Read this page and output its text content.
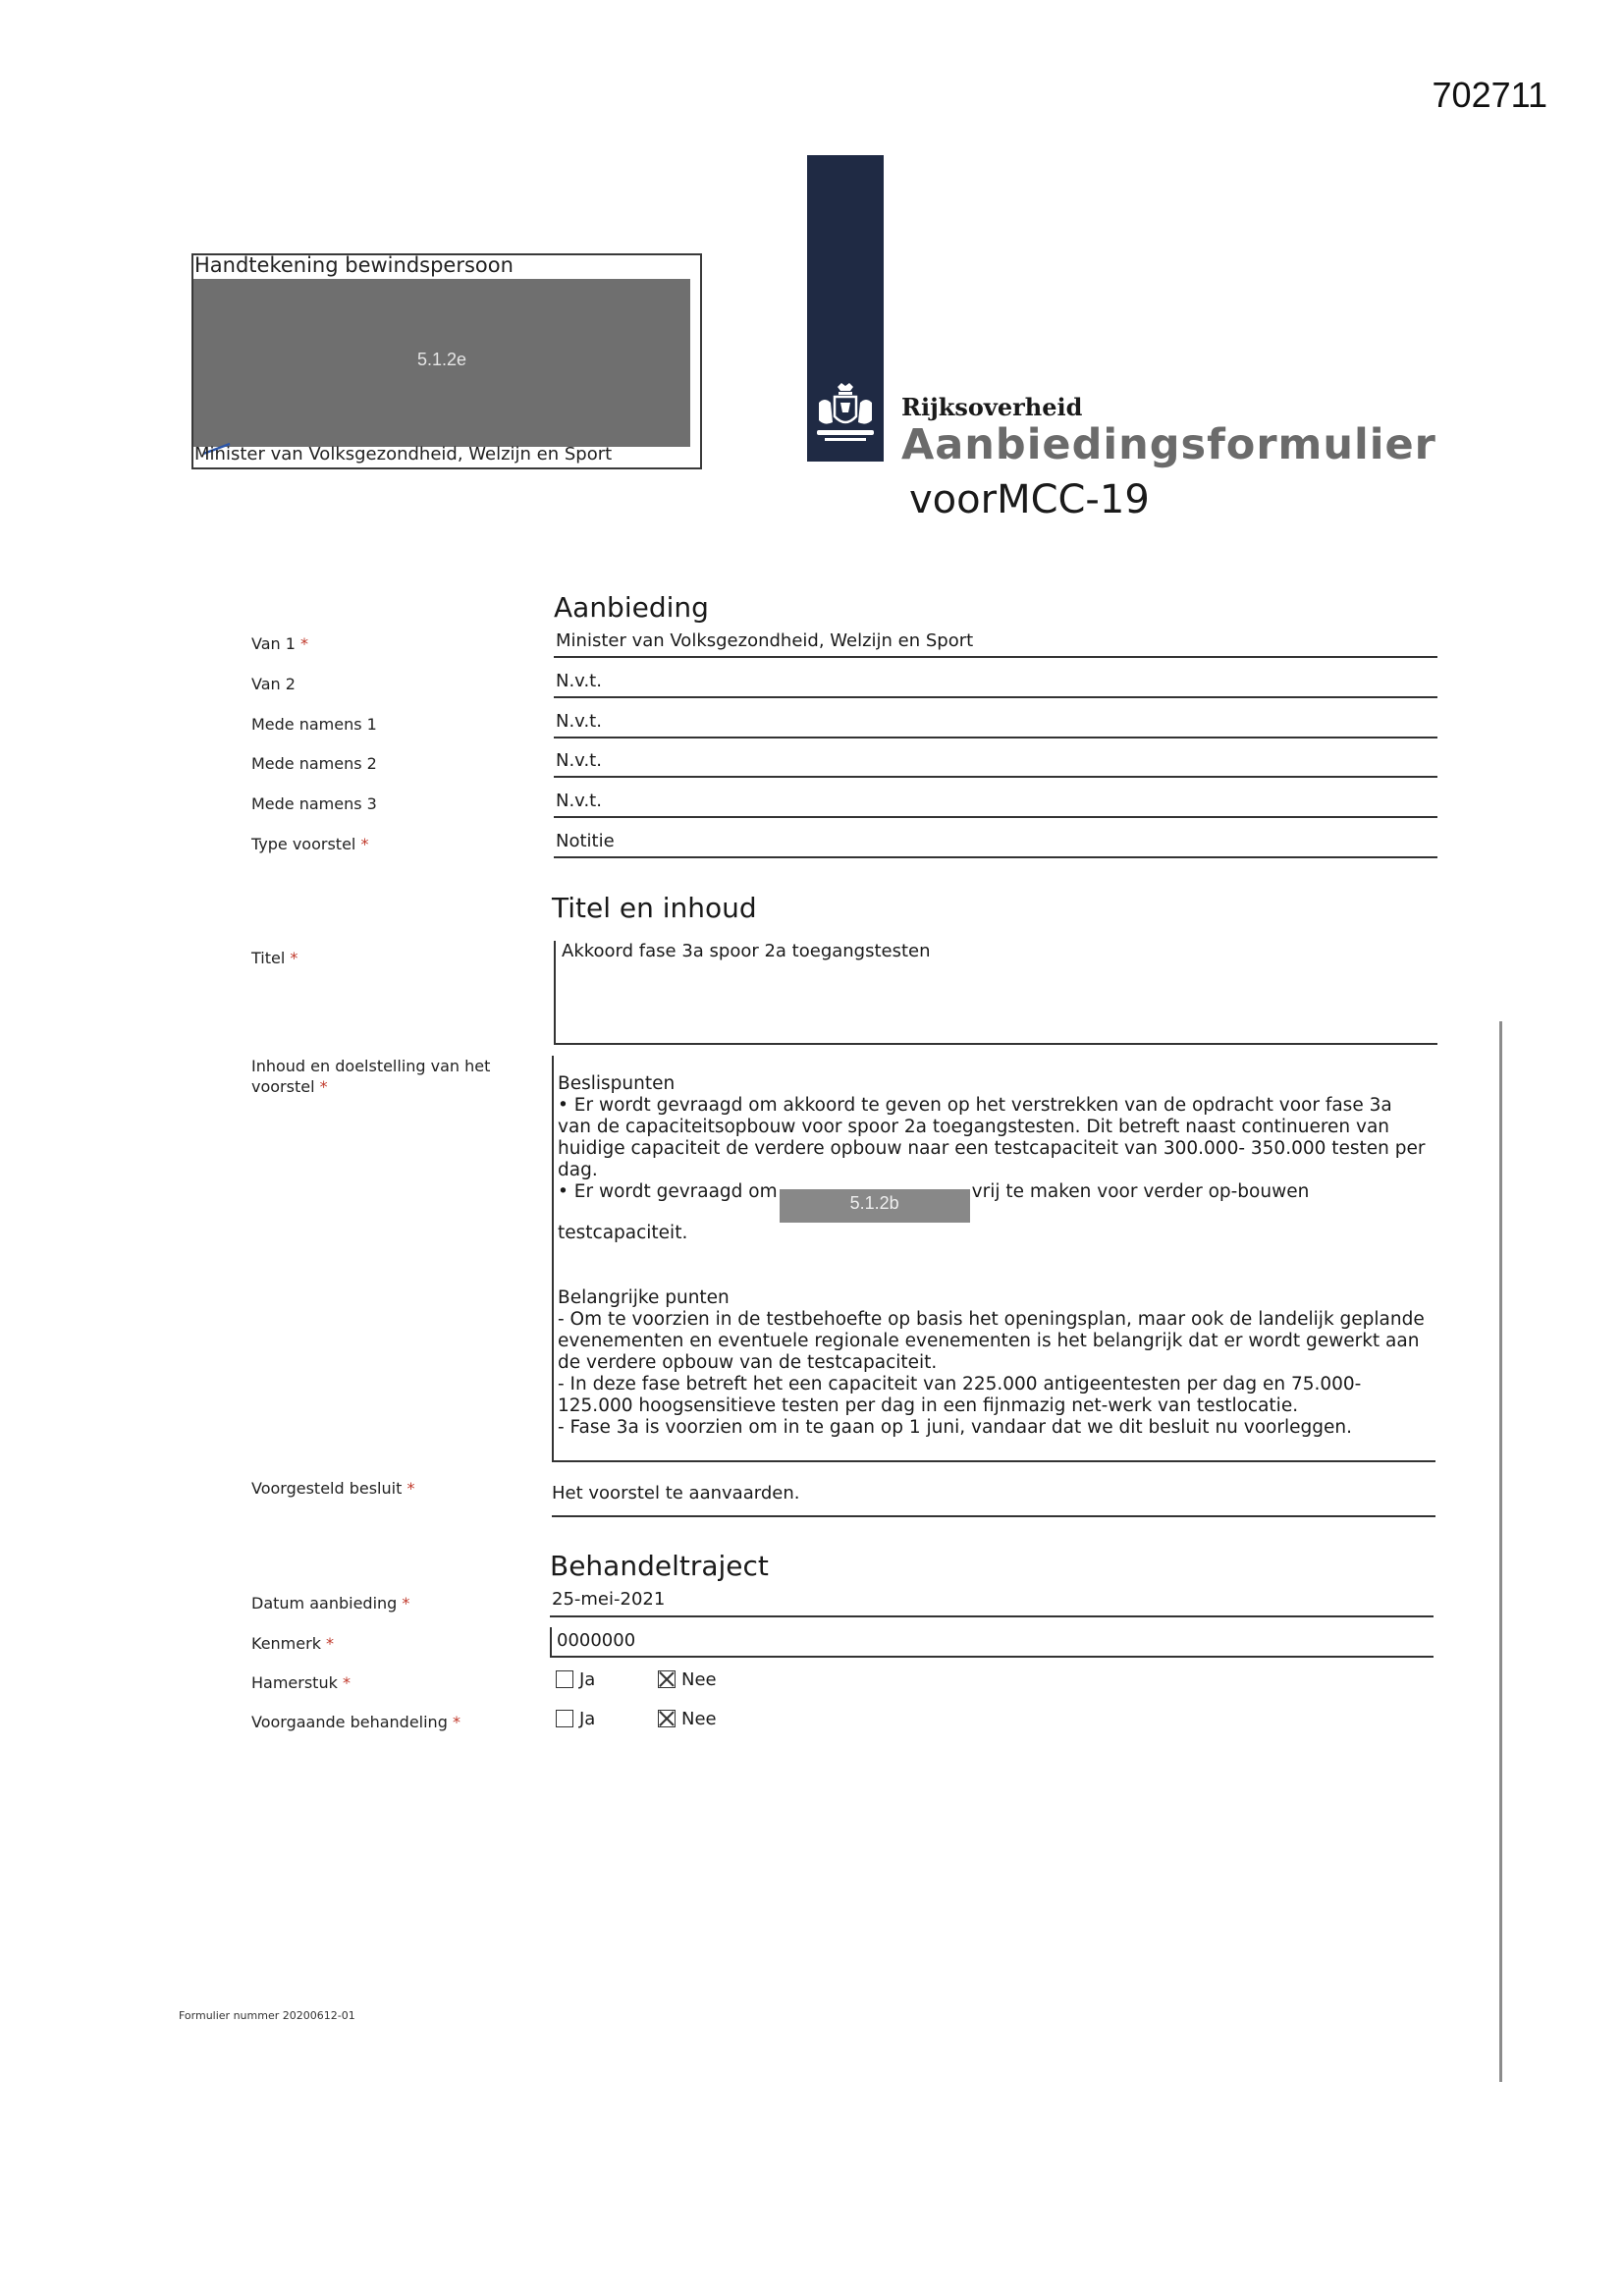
702711
Handtekening bewindspersoon
5.1.2e
Minister van Volksgezondheid, Welzijn en Sport
Rijksoverheid
Aanbiedingsformulier
voorMCC-19
Aanbieding
Van 1 *	Minister van Volksgezondheid, Welzijn en Sport
Van 2	N.v.t.
Mede namens 1	N.v.t.
Mede namens 2	N.v.t.
Mede namens 3	N.v.t.
Type voorstel *	Notitie
Titel en inhoud
Titel *	Akkoord fase 3a spoor 2a toegangstesten
Inhoud en doelstelling van het voorstel *	Beslispunten

• Er wordt gevraagd om akkoord te geven op het verstrekken van de opdracht voor fase 3a
van de capaciteitsopbouw voor spoor 2a toegangstesten. Dit betreft naast continueren van
huidige capaciteit de verdere opbouw naar een testcapaciteit van 300.000- 350.000 testen per
dag.

• Er wordt gevraagd om5.1.2bvrij te maken voor verder op-bouwen

testcapaciteit.

Belangrijke punten

- Om te voorzien in de testbehoefte op basis het openingsplan, maar ook de landelijk geplande
evenementen en eventuele regionale evenementen is het belangrijk dat er wordt gewerkt aan
de verdere opbouw van de testcapaciteit.
- In deze fase betreft het een capaciteit van 225.000 antigeentesten per dag en 75.000-
125.000 hoogsensitieve testen per dag in een fijnmazig net-werk van testlocatie.
- Fase 3a is voorzien om in te gaan op 1 juni, vandaar dat we dit besluit nu voorleggen.

Voorgesteld besluit *	Het voorstel te aanvaarden.
Behandeltraject
Datum aanbieding *	25-mei-2021
Kenmerk *	0000000
Hamerstuk *	Ja	Nee
Voorgaande behandeling *	Ja	Nee
Formulier nummer 20200612-01
